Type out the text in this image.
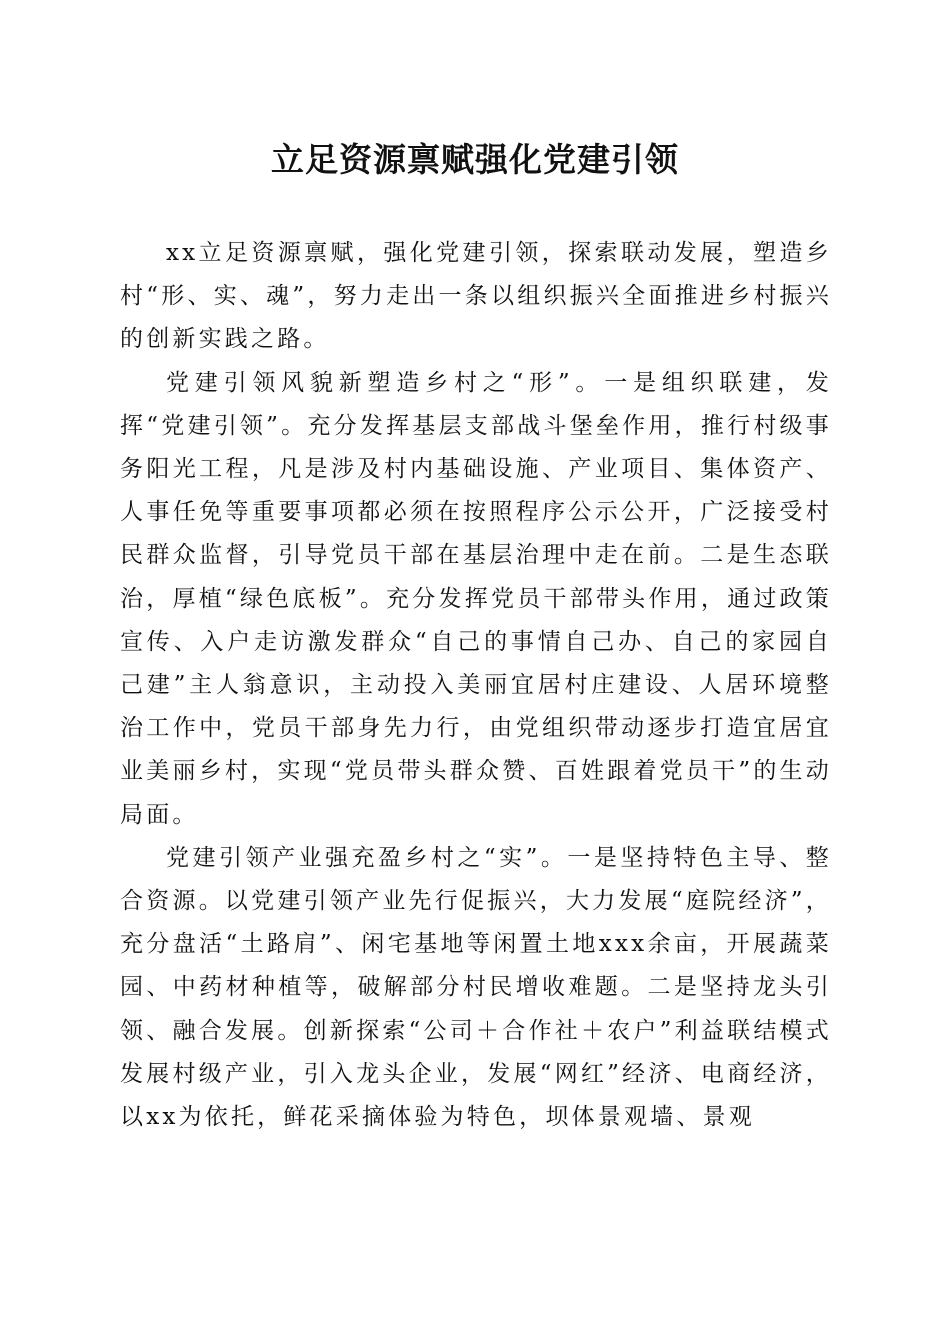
立足资源禀赋强化党建引领

xx立足资源禀赋，强化党建引领，探索联动发展，塑造乡村“形、实、魂”，努力走出一条以组织振兴全面推进乡村振兴的创新实践之路。

党建引领风貌新塑造乡村之“形”。一是组织联建，发挥“党建引领”。充分发挥基层支部战斗堡垒作用，推行村级事务阳光工程，凡是涉及村内基础设施、产业项目、集体资产、人事任免等重要事项都必须在按照程序公示公开，广泛接受村民群众监督，引导党员干部在基层治理中走在前。二是生态联治，厚植“绿色底板”。充分发挥党员干部带头作用，通过政策宣传、入户走访激发群众“自己的事情自己办、自己的家园自己建”主人翁意识，主动投入美丽宜居村庄建设、人居环境整治工作中，党员干部身先力行，由党组织带动逐步打造宜居宜业美丽乡村，实现“党员带头群众赞、百姓跟着党员干”的生动局面。

党建引领产业强充盈乡村之“实”。一是坚持特色主导、整合资源。以党建引领产业先行促振兴，大力发展“庭院经济”，充分盘活“土路肩”、闲宅基地等闲置土地xxx余亩，开展蔬菜园、中药材种植等，破解部分村民增收难题。二是坚持龙头引领、融合发展。创新探索“公司＋合作社＋农户”利益联结模式发展村级产业，引入龙头企业，发展“网红”经济、电商经济，以xx为依托，鲜花采摘体验为特色，坝体景观墙、景观
